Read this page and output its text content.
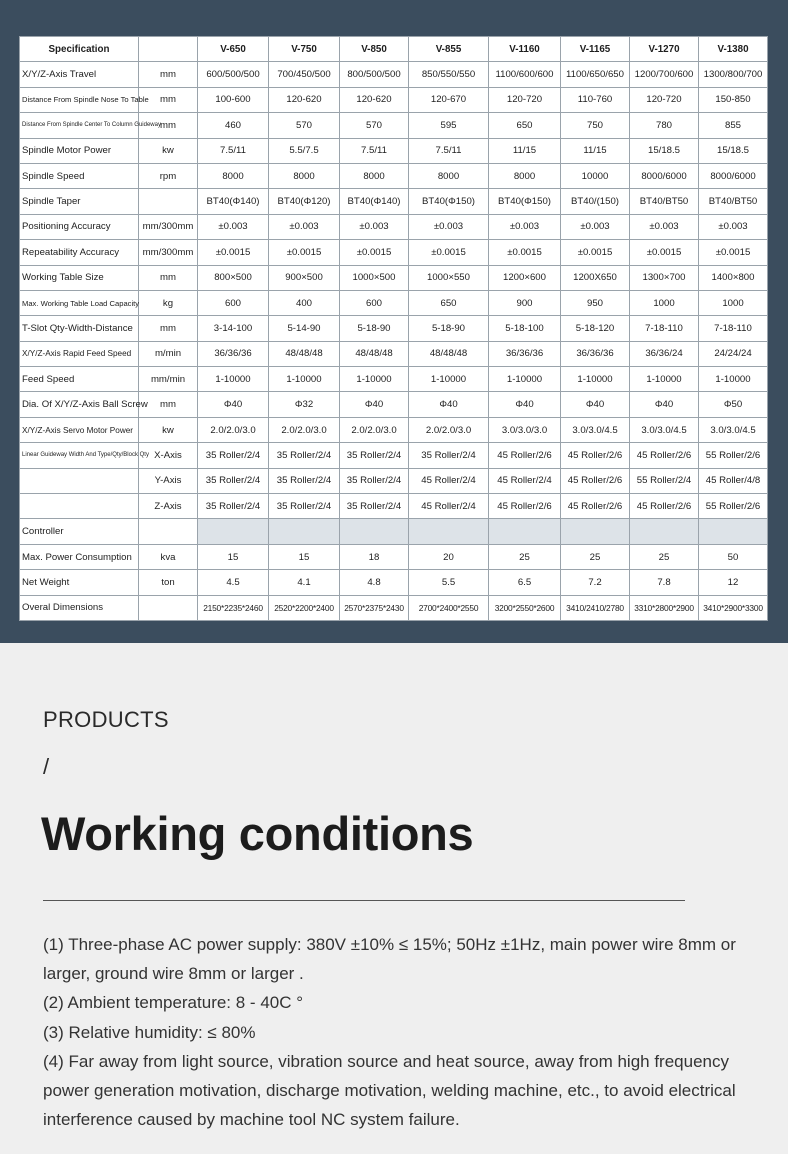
Specification		V-650	V-750	V-850	V-855	V-1160	V-1165	V-1270	V-1380
X/Y/Z-Axis Travel	mm	600/500/500	700/450/500	800/500/500	850/550/550	1100/600/600	1100/650/650	1200/700/600	1300/800/700
Distance From Spindle Nose To Table	mm	100-600	120-620	120-620	120-670	120-720	110-760	120-720	150-850
Distance From Spindle Center To Column Guideway	mm	460	570	570	595	650	750	780	855
Spindle Motor Power	kw	7.5/11	5.5/7.5	7.5/11	7.5/11	11/15	11/15	15/18.5	15/18.5
Spindle Speed	rpm	8000	8000	8000	8000	8000	10000	8000/6000	8000/6000
Spindle Taper		BT40(Φ140)	BT40(Φ120)	BT40(Φ140)	BT40(Φ150)	BT40(Φ150)	BT40/(150)	BT40/BT50	BT40/BT50
Positioning Accuracy	mm/300mm	±0.003	±0.003	±0.003	±0.003	±0.003	±0.003	±0.003	±0.003
Repeatability Accuracy	mm/300mm	±0.0015	±0.0015	±0.0015	±0.0015	±0.0015	±0.0015	±0.0015	±0.0015
Working Table Size	mm	800×500	900×500	1000×500	1000×550	1200×600	1200X650	1300×700	1400×800
Max. Working Table Load Capacity	kg	600	400	600	650	900	950	1000	1000
T-Slot Qty-Width-Distance	mm	3-14-100	5-14-90	5-18-90	5-18-90	5-18-100	5-18-120	7-18-110	7-18-110
X/Y/Z-Axis Rapid Feed Speed	m/min	36/36/36	48/48/48	48/48/48	48/48/48	36/36/36	36/36/36	36/36/24	24/24/24
Feed Speed	mm/min	1-10000	1-10000	1-10000	1-10000	1-10000	1-10000	1-10000	1-10000
Dia. Of X/Y/Z-Axis Ball Screw	mm	Φ40	Φ32	Φ40	Φ40	Φ40	Φ40	Φ40	Φ50
X/Y/Z-Axis Servo Motor Power	kw	2.0/2.0/3.0	2.0/2.0/3.0	2.0/2.0/3.0	2.0/2.0/3.0	3.0/3.0/3.0	3.0/3.0/4.5	3.0/3.0/4.5	3.0/3.0/4.5
Linear Guideway Width And Type/Qty/Block Qty	X-Axis	35 Roller/2/4	35 Roller/2/4	35 Roller/2/4	35 Roller/2/4	45 Roller/2/6	45 Roller/2/6	45 Roller/2/6	55 Roller/2/6
	Y-Axis	35 Roller/2/4	35 Roller/2/4	35 Roller/2/4	45 Roller/2/4	45 Roller/2/4	45 Roller/2/6	55 Roller/2/4	45 Roller/4/8
	Z-Axis	35 Roller/2/4	35 Roller/2/4	35 Roller/2/4	45 Roller/2/4	45 Roller/2/6	45 Roller/2/6	45 Roller/2/6	55 Roller/2/6
Controller									
Max. Power Consumption	kva	15	15	18	20	25	25	25	50
Net Weight	ton	4.5	4.1	4.8	5.5	6.5	7.2	7.8	12
Overal Dimensions		2150*2235*2460	2520*2200*2400	2570*2375*2430	2700*2400*2550	3200*2550*2600	3410/2410/2780	3310*2800*2900	3410*2900*3300
PRODUCTS
/
Working conditions
(1) Three-phase AC power supply: 380V ±10% ≤ 15%; 50Hz ±1Hz, main power wire 8mm or larger, ground wire 8mm or larger .
(2) Ambient temperature: 8 - 40C °
(3) Relative humidity: ≤ 80%
(4) Far away from light source, vibration source and heat source, away from high frequency power generation motivation, discharge motivation, welding machine, etc., to avoid electrical interference caused by machine tool NC system failure.
